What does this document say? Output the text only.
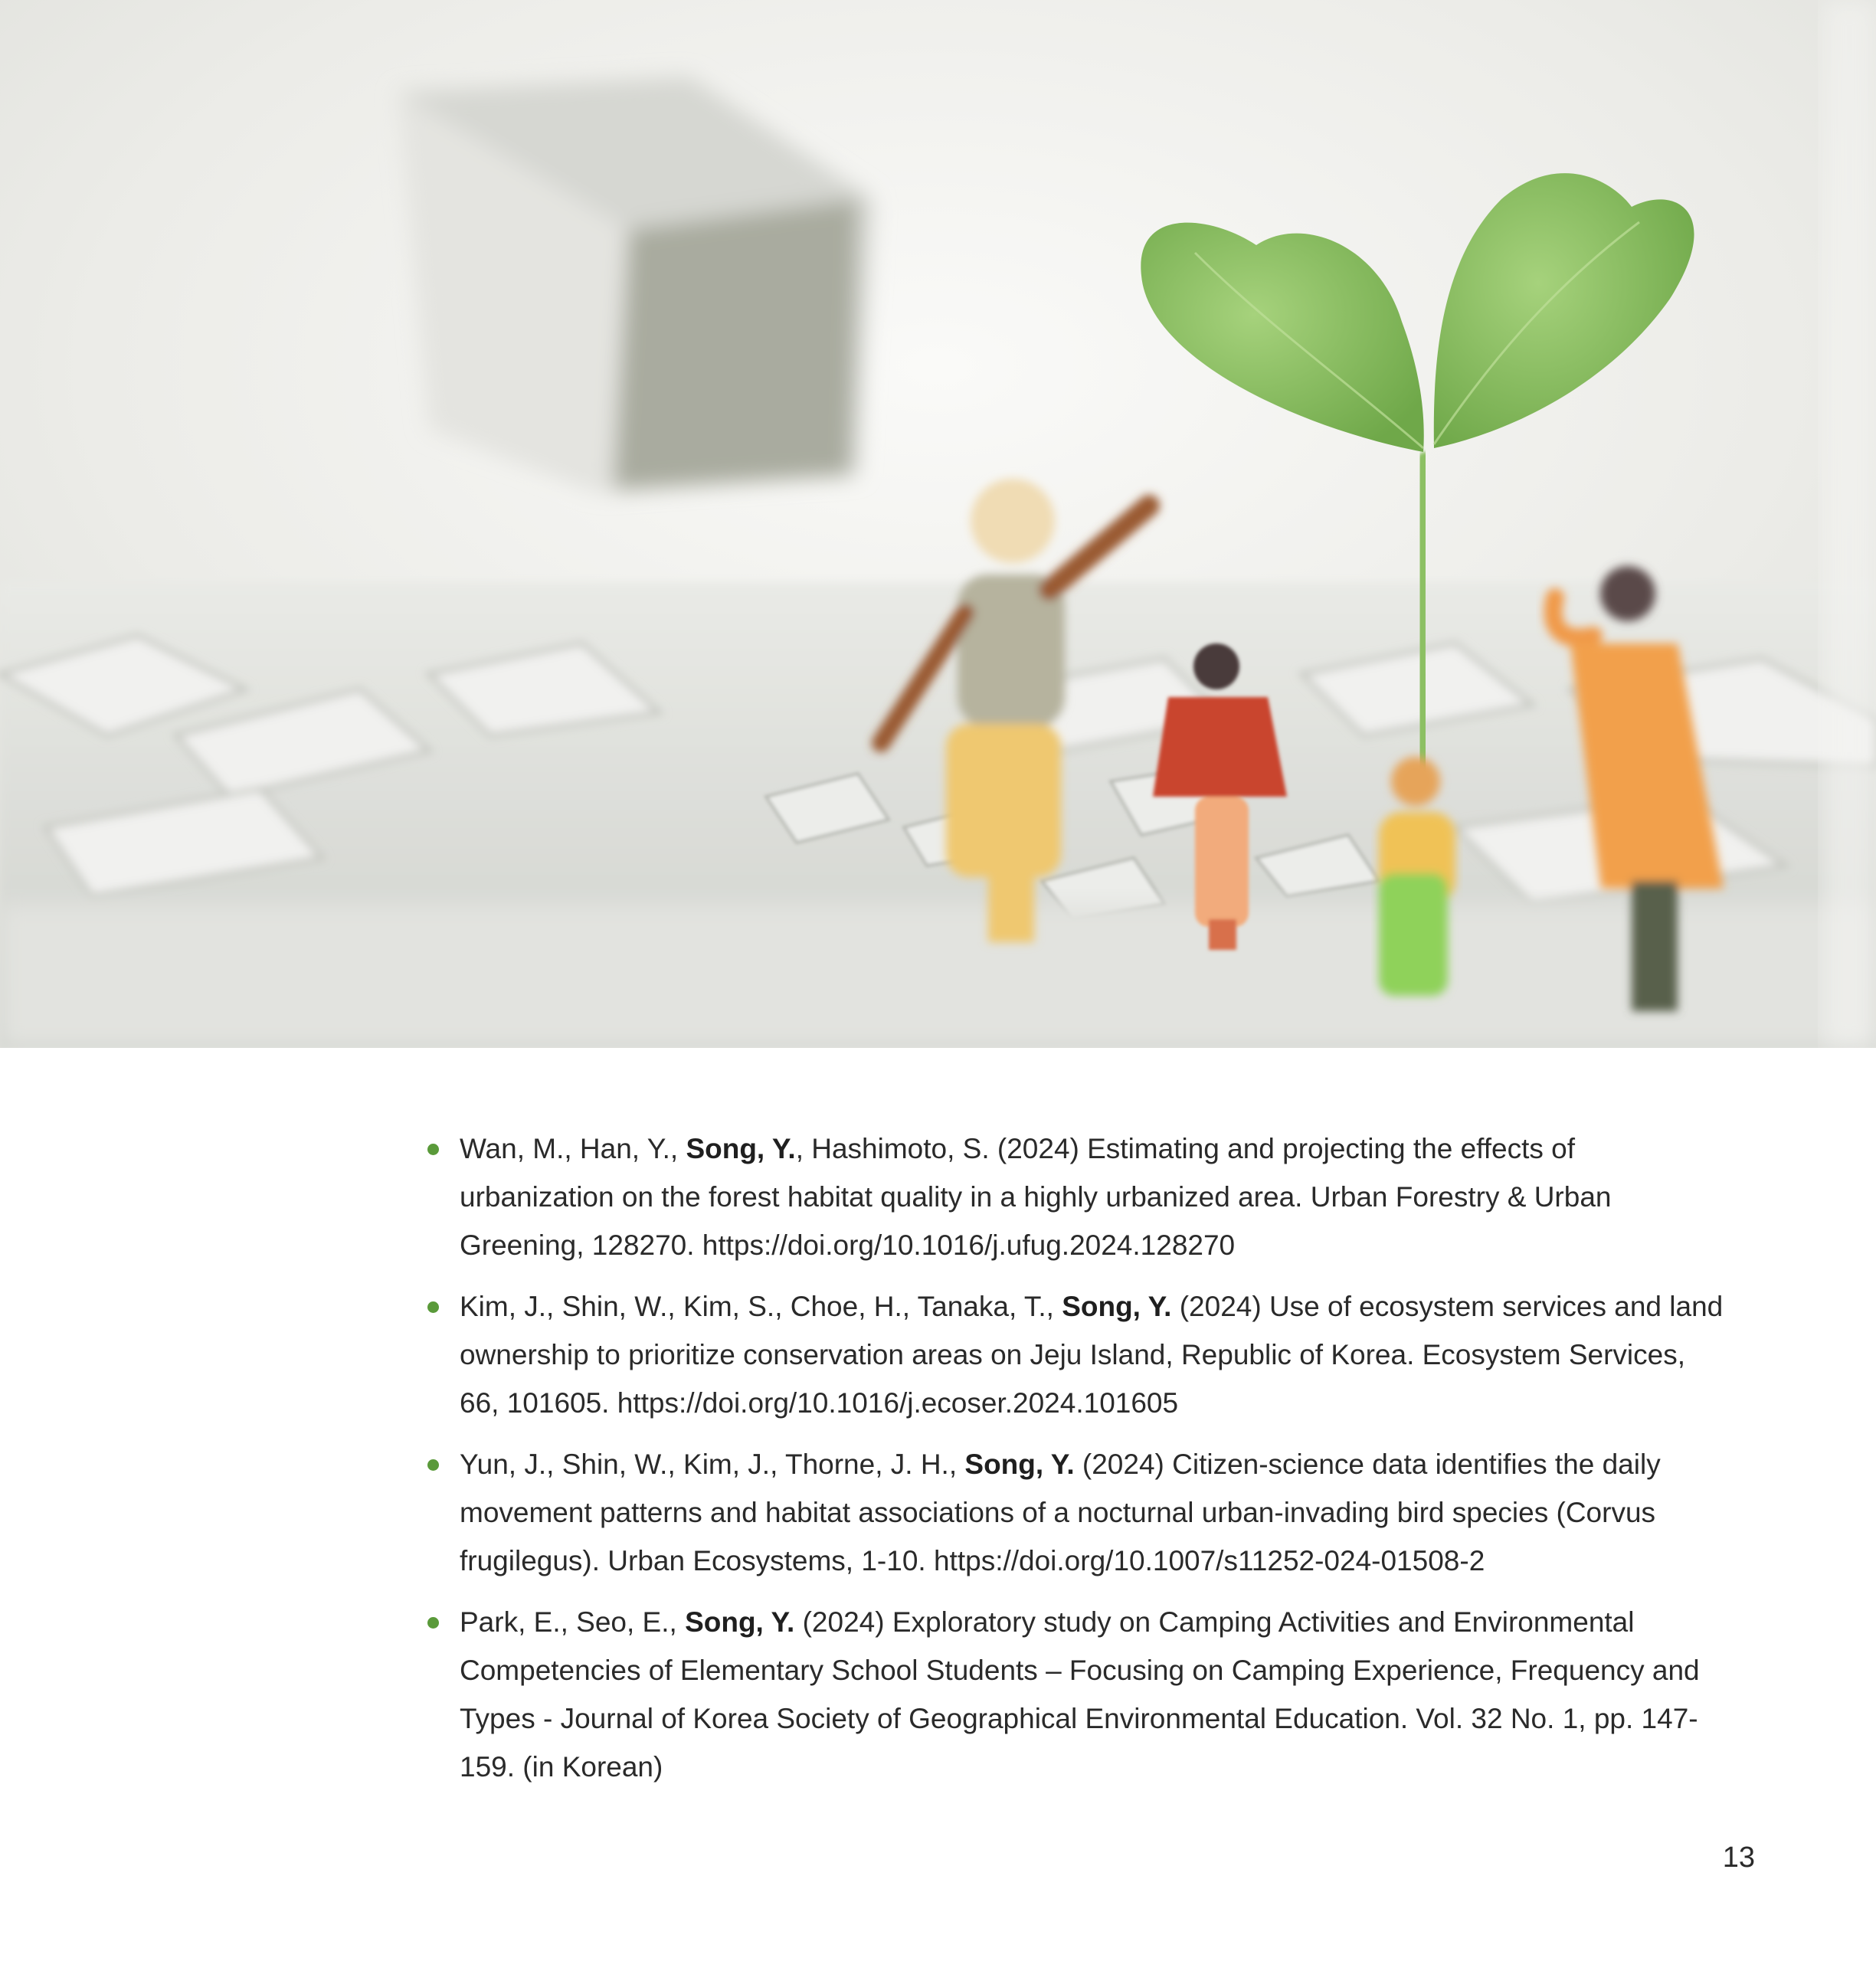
Wan, M., Han, Y., Song, Y., Hashimoto, S. (2024) Estimating and projecting the effects of urbanization on the forest habitat quality in a highly urbanized area. Urban Forestry & Urban Greening, 128270. https://doi.org/10.1016/j.ufug.2024.128270
Kim, J., Shin, W., Kim, S., Choe, H., Tanaka, T., Song, Y. (2024) Use of ecosystem services and land ownership to prioritize conservation areas on Jeju Island, Republic of Korea. Ecosystem Services, 66, 101605. https://doi.org/10.1016/j.ecoser.2024.101605
Yun, J., Shin, W., Kim, J., Thorne, J. H., Song, Y. (2024) Citizen-science data identifies the daily movement patterns and habitat associations of a nocturnal urban-invading bird species (Corvus frugilegus). Urban Ecosystems, 1-10. https://doi.org/10.1007/s11252-024-01508-2
Park, E., Seo, E., Song, Y. (2024) Exploratory study on Camping Activities and Environmental Competencies of Elementary School Students – Focusing on Camping Experience, Frequency and Types - Journal of Korea Society of Geographical Environmental Education. Vol. 32 No. 1, pp. 147-159. (in Korean)
13
